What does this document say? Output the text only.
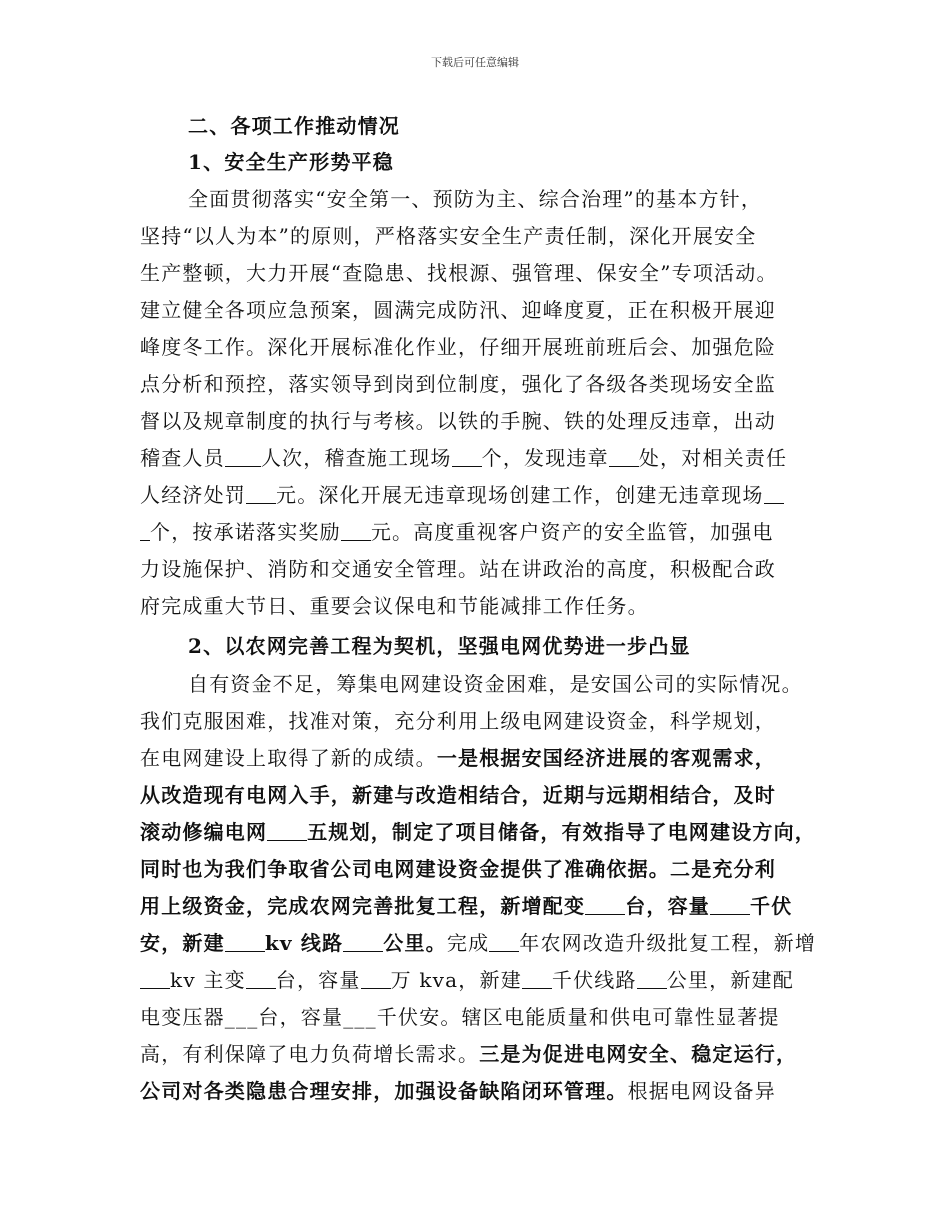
下载后可任意编辑
二、各项工作推动情况
1、安全生产形势平稳
全面贯彻落实“安全第一、预防为主、综合治理”的基本方针，
坚持“以人为本”的原则，严格落实安全生产责任制，深化开展安全
生产整顿，大力开展“查隐患、找根源、强管理、保安全”专项活动。
建立健全各项应急预案，圆满完成防汛、迎峰度夏，正在积极开展迎
峰度冬工作。深化开展标准化作业，仔细开展班前班后会、加强危险
点分析和预控，落实领导到岗到位制度，强化了各级各类现场安全监
督以及规章制度的执行与考核。以铁的手腕、铁的处理反违章，出动
稽查人员 人次，稽查施工现场 个，发现违章 处，对相关责任
人经济处罚 元。深化开展无违章现场创建工作，创建无违章现场
个，按承诺落实奖励 元。高度重视客户资产的安全监管，加强电
力设施保护、消防和交通安全管理。站在讲政治的高度，积极配合政
府完成重大节日、重要会议保电和节能减排工作任务。
2、以农网完善工程为契机，坚强电网优势进一步凸显
自有资金不足，筹集电网建设资金困难，是安国公司的实际情况。
我们克服困难，找准对策，充分利用上级电网建设资金，科学规划，
在电网建设上取得了新的成绩。一是根据安国经济进展的客观需求，
从改造现有电网入手，新建与改造相结合，近期与远期相结合，及时
滚动修编电网 五规划，制定了项目储备，有效指导了电网建设方向，
同时也为我们争取省公司电网建设资金提供了准确依据。二是充分利
用上级资金，完成农网完善批复工程，新增配变 台，容量 千伏
安，新建 kv 线路 公里。完成 年农网改造升级批复工程，新增
kv 主变 台，容量 万 kva，新建 千伏线路 公里，新建配
电变压器___台，容量___千伏安。辖区电能质量和供电可靠性显著提
高，有利保障了电力负荷增长需求。三是为促进电网安全、稳定运行，
公司对各类隐患合理安排，加强设备缺陷闭环管理。根据电网设备异
